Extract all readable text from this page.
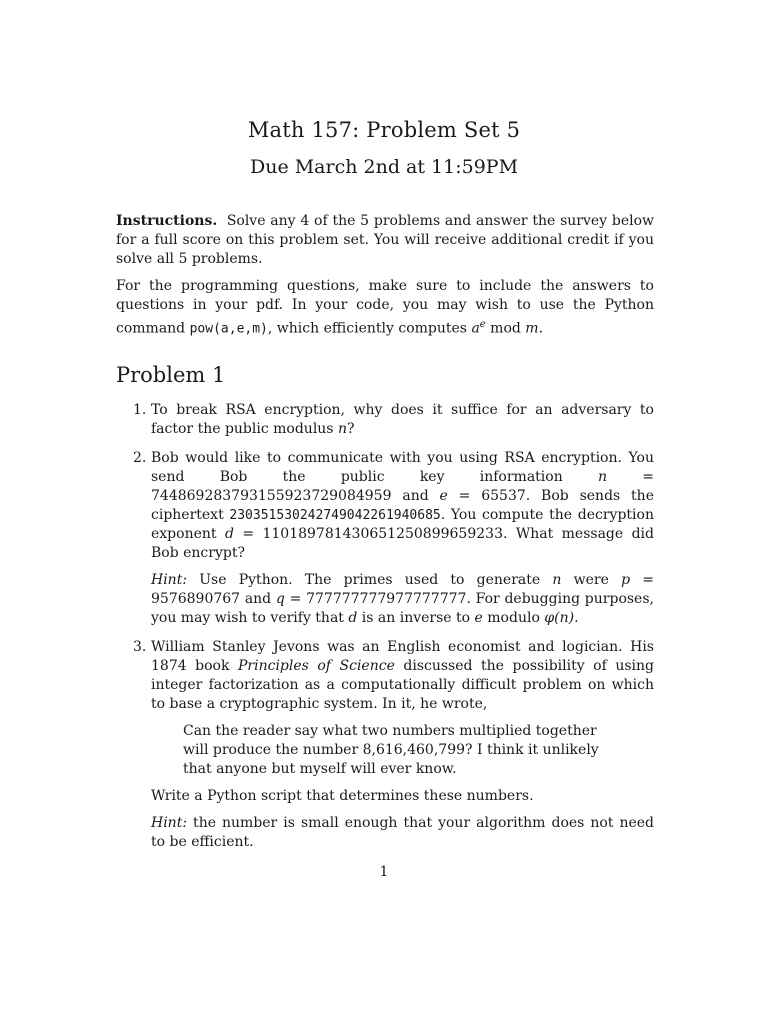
Math 157: Problem Set 5
Due March 2nd at 11:59PM

Instructions. Solve any 4 of the 5 problems and answer the survey below for a full score on this problem set. You will receive additional credit if you solve all 5 problems.

For the programming questions, make sure to include the answers to questions in your pdf. In your code, you may wish to use the Python command pow(a,e,m), which efficiently computes $a^e$ mod m.

Problem 1
1. To break RSA encryption, why does it suffice for an adversary to factor the public modulus n?

2. Bob would like to communicate with you using RSA encryption. You send Bob the public key information n = 7448692837931559237290849​59 and e = 65537. Bob sends the ciphertext 230351530242749042261940685. You compute the decryption exponent d = 110189781430651250899659233. What message did Bob encrypt?

Hint: Use Python. The primes used to generate n were p = 9576890767 and q = 777777777977777777. For debugging purposes, you may wish to verify that d is an inverse to e modulo φ(n).

3. William Stanley Jevons was an English economist and logician. His 1874 book Principles of Science discussed the possibility of using integer factorization as a computationally difficult problem on which to base a cryptographic system. In it, he wrote,

Can the reader say what two numbers multiplied together will produce the number 8,616,460,799? I think it unlikely that anyone but myself will ever know.

Write a Python script that determines these numbers.

Hint: the number is small enough that your algorithm does not need to be efficient.

1
